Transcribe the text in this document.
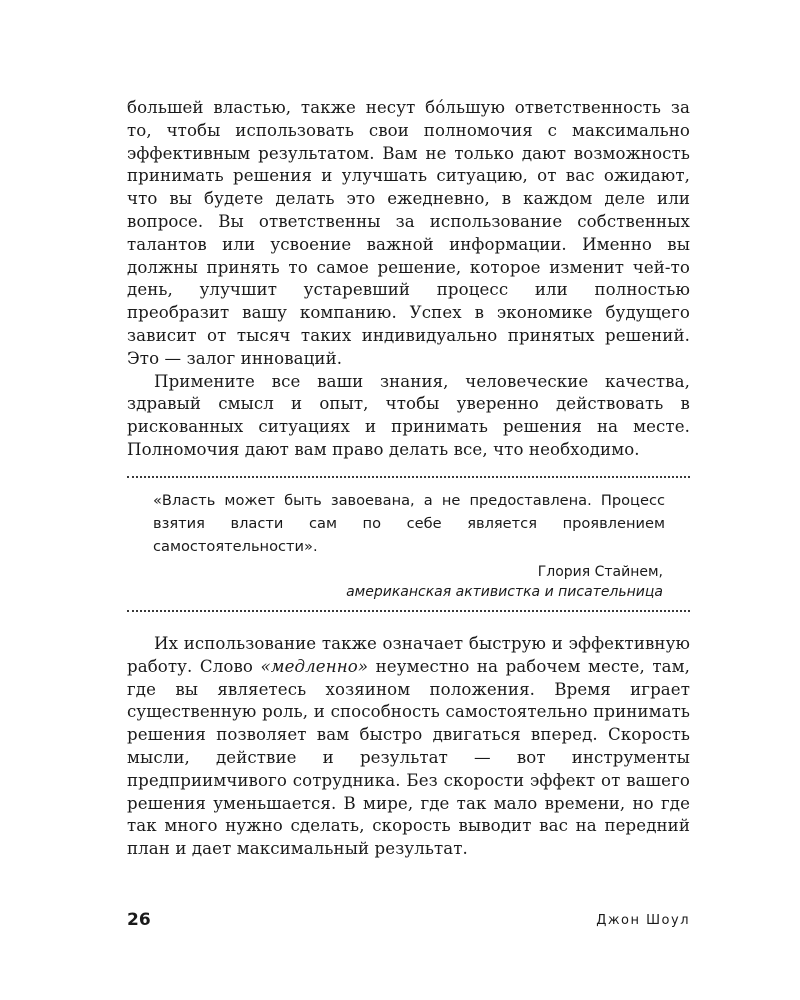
большей властью, также несут бóльшую ответственность за то, чтобы использовать свои полномочия с максимально эффективным результатом. Вам не только дают возможность принимать решения и улучшать ситуацию, от вас ожидают, что вы будете делать это ежедневно, в каждом деле или вопросе. Вы ответственны за использование собственных талантов или усвоение важной информации. Именно вы должны принять то самое решение, которое изменит чей-то день, улучшит устаревший процесс или полностью преобразит вашу компанию. Успех в экономике будущего зависит от тысяч таких индивидуально принятых решений. Это — залог инноваций.

Примените все ваши знания, человеческие качества, здравый смысл и опыт, чтобы уверенно действовать в рискованных ситуациях и принимать решения на месте. Полномочия дают вам право делать все, что необходимо.

«Власть может быть завоевана, а не предоставлена. Процесс взятия власти сам по себе является проявлением самостоятельности».
Глория Стайнем,
американская активистка и писательница

Их использование также означает быструю и эффективную работу. Слово «медленно» неуместно на рабочем месте, там, где вы являетесь хозяином положения. Время играет существенную роль, и способность самостоятельно принимать решения позволяет вам быстро двигаться вперед. Скорость мысли, действие и результат — вот инструменты предприимчивого сотрудника. Без скорости эффект от вашего решения уменьшается. В мире, где так мало времени, но где так много нужно сделать, скорость выводит вас на передний план и дает максимальный результат.

26	Джон Шоул
